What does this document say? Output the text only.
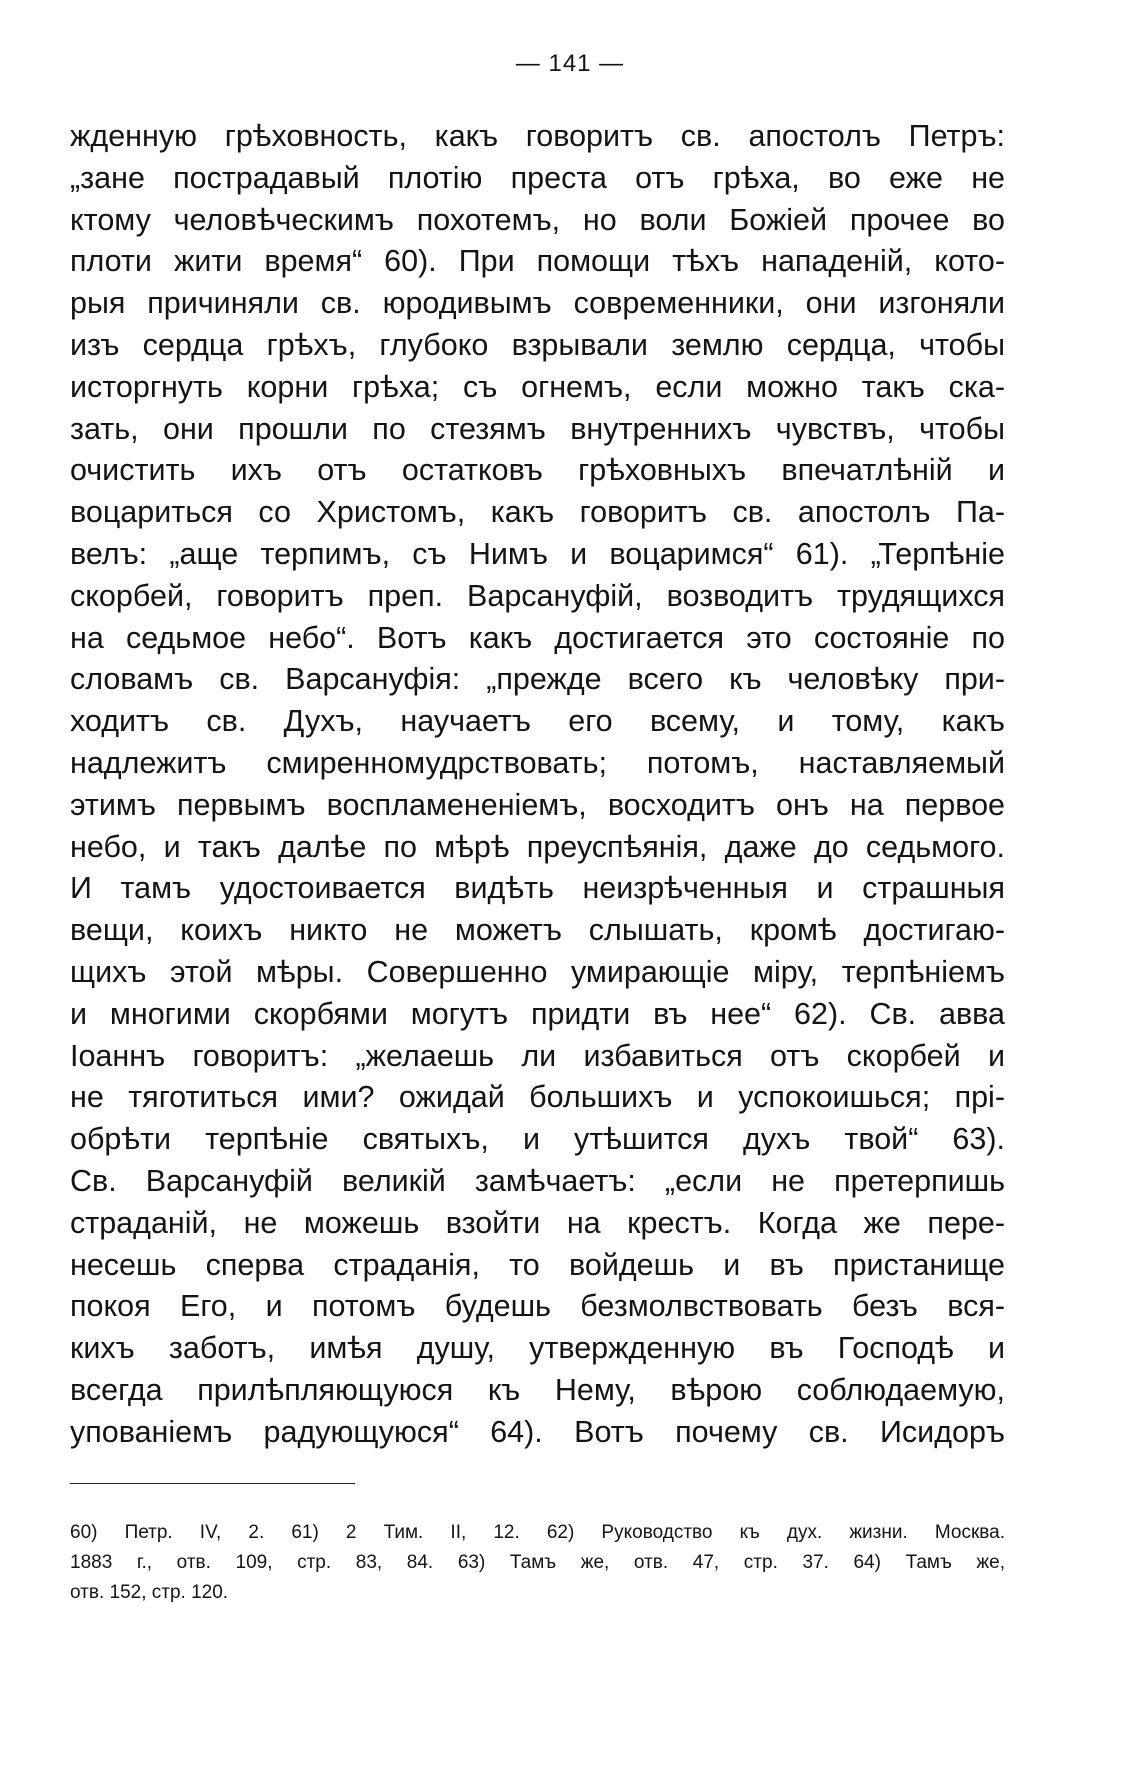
— 141 —
жденную грѣховность, какъ говоритъ св. апостолъ Петръ:
„зане пострадавый плотію преста отъ грѣха, во еже не
ктому человѣческимъ похотемъ, но воли Божіей прочее во
плоти жити время“ 60). При помощи тѣхъ нападеній, кото-
рыя причиняли св. юродивымъ современники, они изгоняли
изъ сердца грѣхъ, глубоко взрывали землю сердца, чтобы
исторгнуть корни грѣха; съ огнемъ, если можно такъ ска-
зать, они прошли по стезямъ внутреннихъ чувствъ, чтобы
очистить ихъ отъ остатковъ грѣховныхъ впечатлѣній и
воцариться со Христомъ, какъ говоритъ св. апостолъ Па-
велъ: „аще терпимъ, съ Нимъ и воцаримся“ 61). „Терпѣніе
скорбей, говоритъ преп. Варсануфій, возводитъ трудящихся
на седьмое небо“. Вотъ какъ достигается это состояніе по
словамъ св. Варсануфія: „прежде всего къ человѣку при-
ходитъ св. Духъ, научаетъ его всему, и тому, какъ
надлежитъ смиренномудрствовать; потомъ, наставляемый
этимъ первымъ воспламененіемъ, восходитъ онъ на первое
небо, и такъ далѣе по мѣрѣ преуспѣянія, даже до седьмого.
И тамъ удостоивается видѣть неизрѣченныя и страшныя
вещи, коихъ никто не можетъ слышать, кромѣ достигаю-
щихъ этой мѣры. Совершенно умирающіе міру, терпѣніемъ
и многими скорбями могутъ придти въ нее“ 62). Св. авва
Іоаннъ говоритъ: „желаешь ли избавиться отъ скорбей и
не тяготиться ими? ожидай большихъ и успокоишься; прі-
обрѣти терпѣніе святыхъ, и утѣшится духъ твой“ 63).
Св. Варсануфій великій замѣчаетъ: „если не претерпишь
страданій, не можешь взойти на крестъ. Когда же пере-
несешь сперва страданія, то войдешь и въ пристанище
покоя Его, и потомъ будешь безмолвствовать безъ вся-
кихъ заботъ, имѣя душу, утвержденную въ Господѣ и
всегда прилѣпляющуюся къ Нему, вѣрою соблюдаемую,
упованіемъ радующуюся“ 64). Вотъ почему св. Исидоръ
60) Петр. IV, 2. 61) 2 Тим. II, 12. 62) Руководство къ дух. жизни. Москва.
1883 г., отв. 109, стр. 83, 84. 63) Тамъ же, отв. 47, стр. 37. 64) Тамъ же,
отв. 152, стр. 120.
